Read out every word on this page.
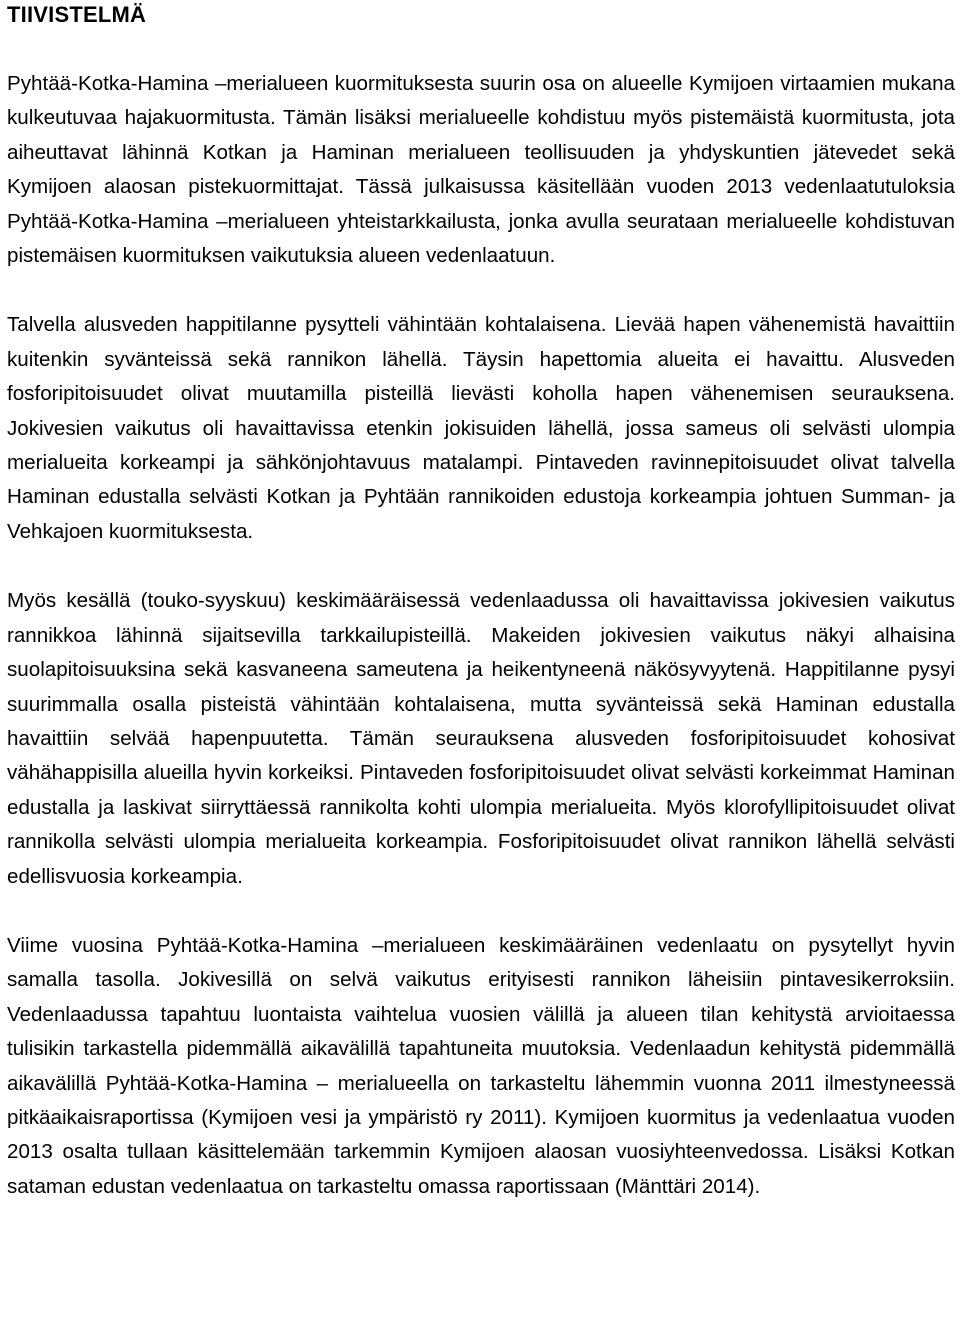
TIIVISTELMÄ

Pyhtää-Kotka-Hamina –merialueen kuormituksesta suurin osa on alueelle Kymijoen virtaamien mukana kulkeutuvaa hajakuormitusta. Tämän lisäksi merialueelle kohdistuu myös pistemäistä kuormitusta, jota aiheuttavat lähinnä Kotkan ja Haminan merialueen teollisuuden ja yhdyskuntien jätevedet sekä Kymijoen alaosan pistekuormittajat. Tässä julkaisussa käsitellään vuoden 2013 vedenlaatutuloksia Pyhtää-Kotka-Hamina –merialueen yhteistarkkailusta, jonka avulla seurataan merialueelle kohdistuvan pistemäisen kuormituksen vaikutuksia alueen vedenlaatuun.

Talvella alusveden happitilanne pysytteli vähintään kohtalaisena. Lievää hapen vähenemistä havaittiin kuitenkin syvänteissä sekä rannikon lähellä. Täysin hapettomia alueita ei havaittu. Alusveden fosforipitoisuudet olivat muutamilla pisteillä lievästi koholla hapen vähenemisen seurauksena. Jokivesien vaikutus oli havaittavissa etenkin jokisuiden lähellä, jossa sameus oli selvästi ulompia merialueita korkeampi ja sähkönjohtavuus matalampi. Pintaveden ravinnepitoisuudet olivat talvella Haminan edustalla selvästi Kotkan ja Pyhtään rannikoiden edustoja korkeampia johtuen Summan- ja Vehkajoen kuormituksesta.

Myös kesällä (touko-syyskuu) keskimääräisessä vedenlaadussa oli havaittavissa jokivesien vaikutus rannikkoa lähinnä sijaitsevilla tarkkailupisteillä. Makeiden jokivesien vaikutus näkyi alhaisina suolapitoisuuksina sekä kasvaneena sameutena ja heikentyneenä näkösyvyytenä. Happitilanne pysyi suurimmalla osalla pisteistä vähintään kohtalaisena, mutta syvänteissä sekä Haminan edustalla havaittiin selvää hapenpuutetta. Tämän seurauksena alusveden fosforipitoisuudet kohosivat vähähappisilla alueilla hyvin korkeiksi. Pintaveden fosforipitoisuudet olivat selvästi korkeimmat Haminan edustalla ja laskivat siirryttäessä rannikolta kohti ulompia merialueita. Myös klorofyllipitoisuudet olivat rannikolla selvästi ulompia merialueita korkeampia. Fosforipitoisuudet olivat rannikon lähellä selvästi edellisvuosia korkeampia.

Viime vuosina Pyhtää-Kotka-Hamina –merialueen keskimääräinen vedenlaatu on pysytellyt hyvin samalla tasolla. Jokivesillä on selvä vaikutus erityisesti rannikon läheisiin pintavesikerroksiin. Vedenlaadussa tapahtuu luontaista vaihtelua vuosien välillä ja alueen tilan kehitystä arvioitaessa tulisikin tarkastella pidemmällä aikavälillä tapahtuneita muutoksia. Vedenlaadun kehitystä pidemmällä aikavälillä Pyhtää-Kotka-Hamina – merialueella on tarkasteltu lähemmin vuonna 2011 ilmestyneessä pitkäaikaisraportissa (Kymijoen vesi ja ympäristö ry 2011). Kymijoen kuormitus ja vedenlaatua vuoden 2013 osalta tullaan käsittelemään tarkemmin Kymijoen alaosan vuosiyhteenvedossa. Lisäksi Kotkan sataman edustan vedenlaatua on tarkasteltu omassa raportissaan (Mänttäri 2014).
